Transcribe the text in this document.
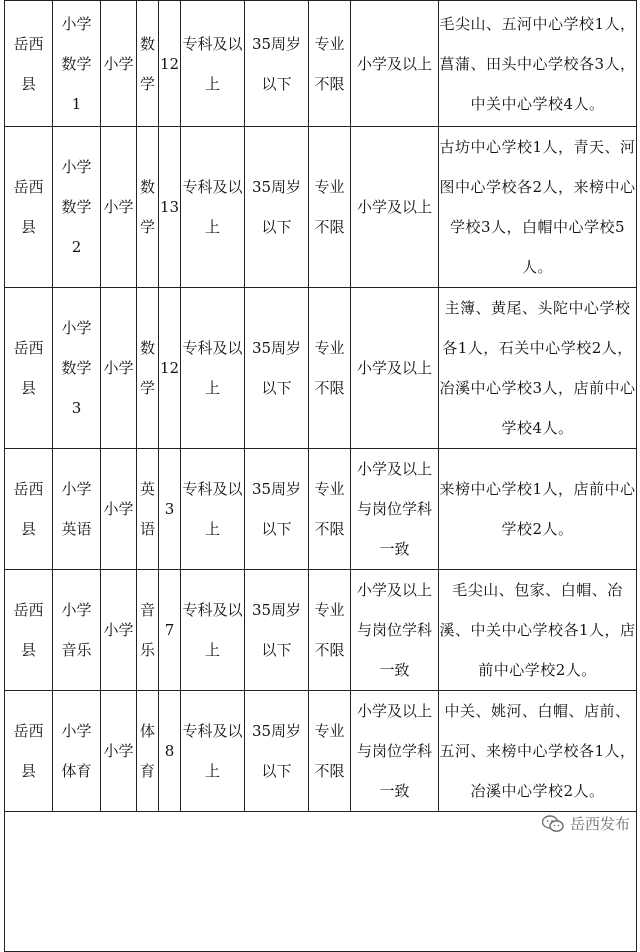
岳西县	小学数学1	小学	数学	12	专科及以上	35周岁以下	专业不限	小学及以上	毛尖山、五河中心学校1人，菖蒲、田头中心学校各3人，中关中心学校4人。
岳西县	小学数学2	小学	数学	13	专科及以上	35周岁以下	专业不限	小学及以上	古坊中心学校1人，青天、河图中心学校各2人，来榜中心学校3人，白帽中心学校5人。
岳西县	小学数学3	小学	数学	12	专科及以上	35周岁以下	专业不限	小学及以上	主簿、黄尾、头陀中心学校各1人，石关中心学校2人，冶溪中心学校3人，店前中心学校4人。
岳西县	小学英语	小学	英语	3	专科及以上	35周岁以下	专业不限	小学及以上与岗位学科一致	来榜中心学校1人，店前中心学校2人。
岳西县	小学音乐	小学	音乐	7	专科及以上	35周岁以下	专业不限	小学及以上与岗位学科一致	毛尖山、包家、白帽、冶溪、中关中心学校各1人，店前中心学校2人。
岳西县	小学体育	小学	体育	8	专科及以上	35周岁以下	专业不限	小学及以上与岗位学科一致	中关、姚河、白帽、店前、五河、来榜中心学校各1人，冶溪中心学校2人。

岳西发布
